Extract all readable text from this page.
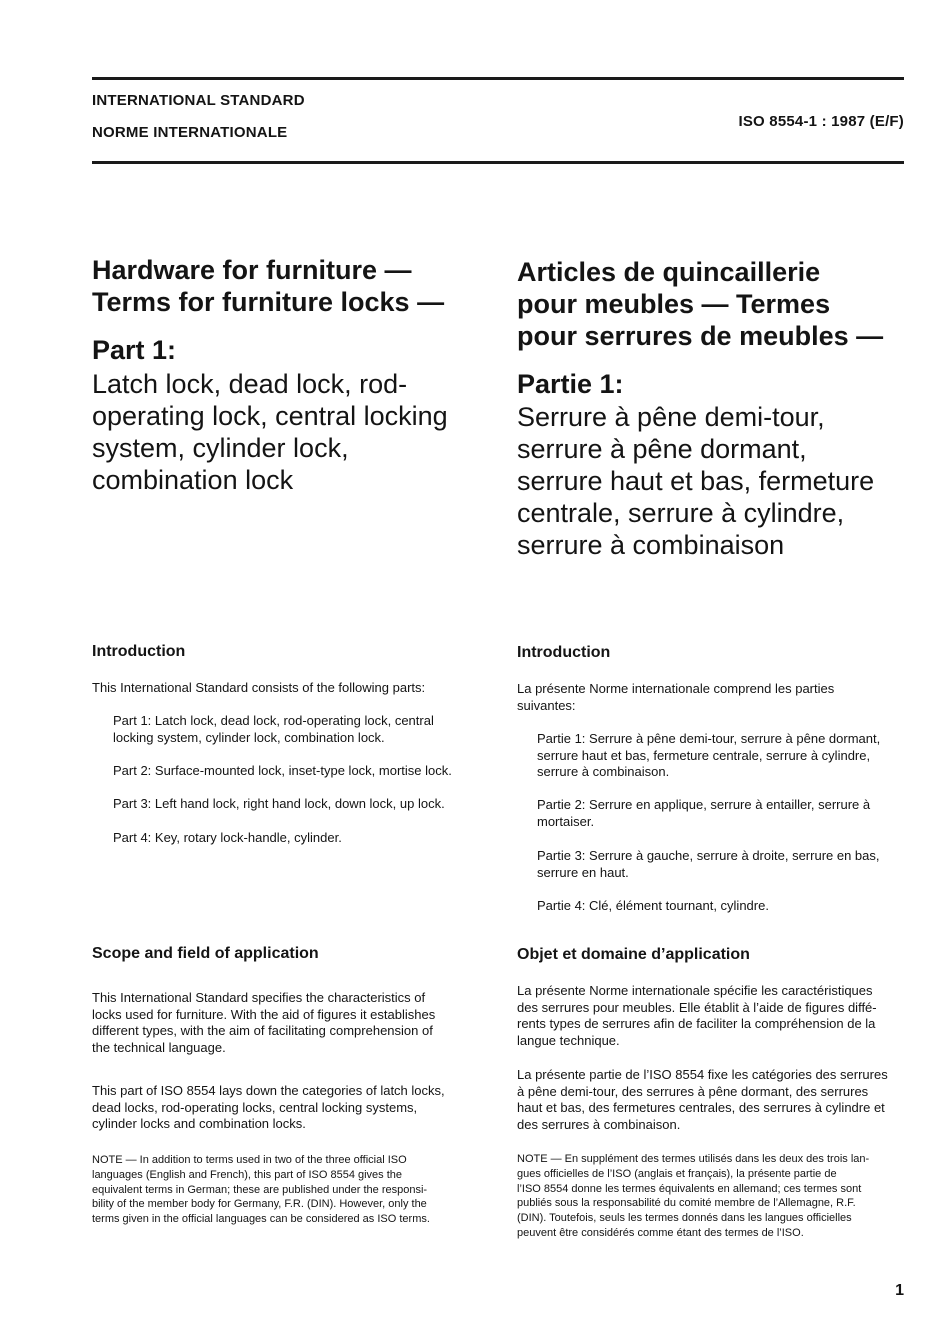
INTERNATIONAL STANDARD
NORME INTERNATIONALE
ISO 8554-1 : 1987 (E/F)
Hardware for furniture —
Terms for furniture locks —
Part 1:
Latch lock, dead lock, rod-
operating lock, central locking
system, cylinder lock,
combination lock
Articles de quincaillerie
pour meubles — Termes
pour serrures de meubles —
Partie 1:
Serrure à pêne demi-tour,
serrure à pêne dormant,
serrure haut et bas, fermeture
centrale, serrure à cylindre,
serrure à combinaison
Introduction
This International Standard consists of the following parts:
Part 1: Latch lock, dead lock, rod-operating lock, central
locking system, cylinder lock, combination lock.
Part 2: Surface-mounted lock, inset-type lock, mortise lock.
Part 3: Left hand lock, right hand lock, down lock, up lock.
Part 4: Key, rotary lock-handle, cylinder.
Introduction
La présente Norme internationale comprend les parties
suivantes:
Partie 1: Serrure à pêne demi-tour, serrure à pêne dormant,
serrure haut et bas, fermeture centrale, serrure à cylindre,
serrure à combinaison.
Partie 2: Serrure en applique, serrure à entailler, serrure à
mortaiser.
Partie 3: Serrure à gauche, serrure à droite, serrure en bas,
serrure en haut.
Partie 4: Clé, élément tournant, cylindre.
Scope and field of application
This International Standard specifies the characteristics of
locks used for furniture. With the aid of figures it establishes
different types, with the aim of facilitating comprehension of
the technical language.
This part of ISO 8554 lays down the categories of latch locks,
dead locks, rod-operating locks, central locking systems,
cylinder locks and combination locks.
NOTE — In addition to terms used in two of the three official ISO
languages (English and French), this part of ISO 8554 gives the
equivalent terms in German; these are published under the responsi-
bility of the member body for Germany, F.R. (DIN). However, only the
terms given in the official languages can be considered as ISO terms.
Objet et domaine d’application
La présente Norme internationale spécifie les caractéristiques
des serrures pour meubles. Elle établit à l’aide de figures diffé-
rents types de serrures afin de faciliter la compréhension de la
langue technique.
La présente partie de l’ISO 8554 fixe les catégories des serrures
à pêne demi-tour, des serrures à pêne dormant, des serrures
haut et bas, des fermetures centrales, des serrures à cylindre et
des serrures à combinaison.
NOTE — En supplément des termes utilisés dans les deux des trois lan-
gues officielles de l’ISO (anglais et français), la présente partie de
l’ISO 8554 donne les termes équivalents en allemand; ces termes sont
publiés sous la responsabilité du comité membre de l’Allemagne, R.F.
(DIN). Toutefois, seuls les termes donnés dans les langues officielles
peuvent être considérés comme étant des termes de l’ISO.
1
